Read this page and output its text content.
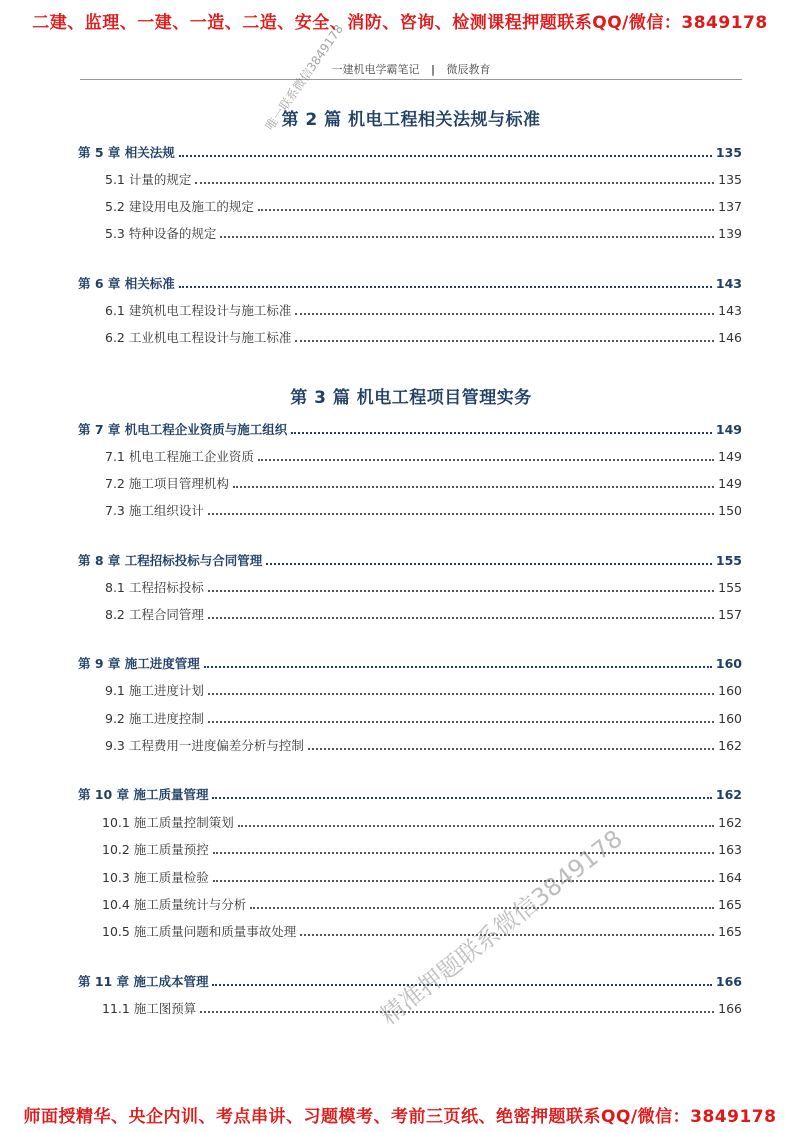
二建、监理、一建、一造、二造、安全、消防、咨询、检测课程押题联系QQ/微信：3849178
一建机电学霸笔记 | 微辰教育
第 2 篇 机电工程相关法规与标准
第 5 章 相关法规	135
5.1 计量的规定	135
5.2 建设用电及施工的规定	137
5.3 特种设备的规定	139
第 6 章 相关标准	143
6.1 建筑机电工程设计与施工标准	143
6.2 工业机电工程设计与施工标准	146
第 3 篇 机电工程项目管理实务
第 7 章 机电工程企业资质与施工组织	149
7.1 机电工程施工企业资质	149
7.2 施工项目管理机构	149
7.3 施工组织设计	150
第 8 章 工程招标投标与合同管理	155
8.1 工程招标投标	155
8.2 工程合同管理	157
第 9 章 施工进度管理	160
9.1 施工进度计划	160
9.2 施工进度控制	160
9.3 工程费用一进度偏差分析与控制	162
第 10 章 施工质量管理	162
10.1 施工质量控制策划	162
10.2 施工质量预控	163
10.3 施工质量检验	164
10.4 施工质量统计与分析	165
10.5 施工质量问题和质量事故处理	165
第 11 章 施工成本管理	166
11.1 施工图预算	166
唯一联系微信3849178
精准押题联系微信3849178
师面授精华、央企内训、考点串讲、习题模考、考前三页纸、绝密押题联系QQ/微信：3849178
